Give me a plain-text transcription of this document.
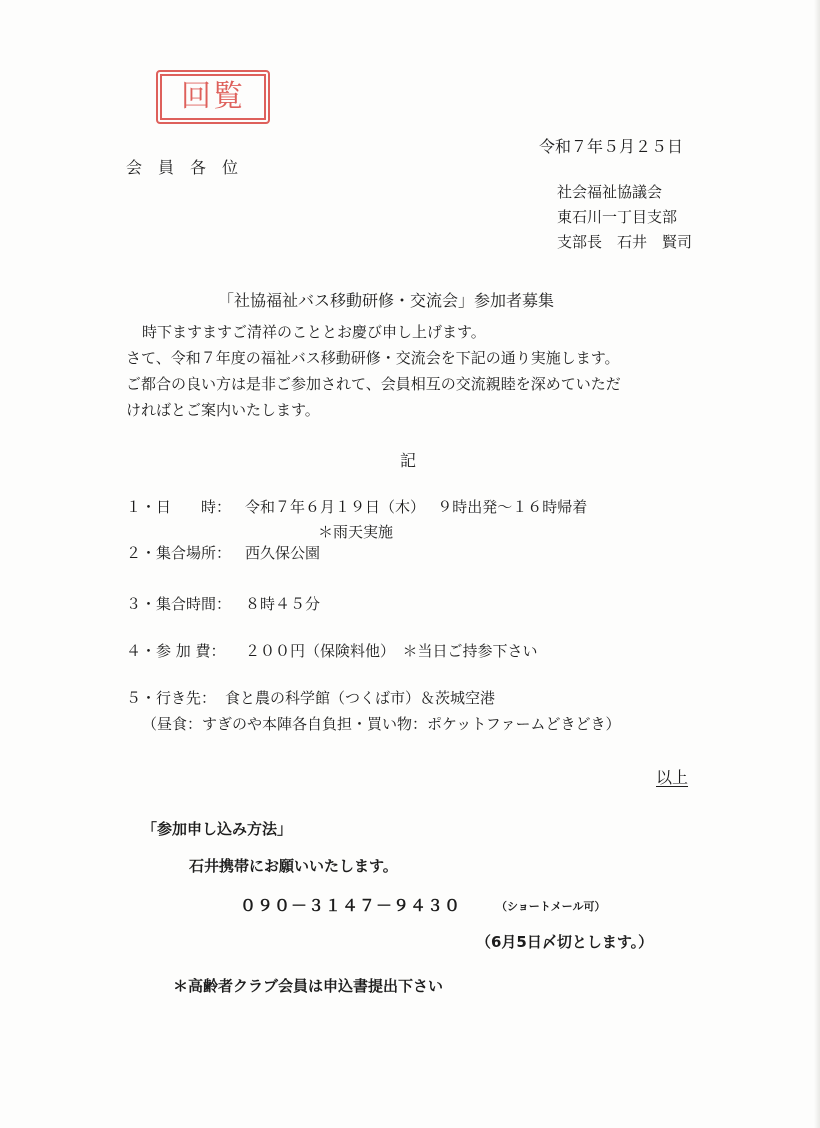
回覧
令和７年５月２５日
会　員　各　位
社会福祉協議会
東石川一丁目支部
支部長　石井　賢司
「社協福祉バス移動研修・交流会」参加者募集
時下ますますご清祥のこととお慶び申し上げます。
さて、令和７年度の福祉バス移動研修・交流会を下記の通り実施します。
ご都合の良い方は是非ご参加されて、会員相互の交流親睦を深めていただ
ければとご案内いたします。
記
１・日　　時： 令和７年６月１９日（木）　 ９時出発～１６時帰着
＊雨天実施
２・集合場所： 西久保公園
３・集合時間： ８時４５分
４・参 加 費： ２００円（保険料他）　＊当日ご持参下さい
５・行き先： 食と農の科学館（つくば市）＆茨城空港
（昼食：すぎのや本陣各自負担・買い物：ポケットファームどきどき）
以上
「参加申し込み方法」
石井携帯にお願いいたします。
０９０－３１４７－９４３０	（ショートメール可）
（6月5日〆切とします。）
＊高齢者クラブ会員は申込書提出下さい
